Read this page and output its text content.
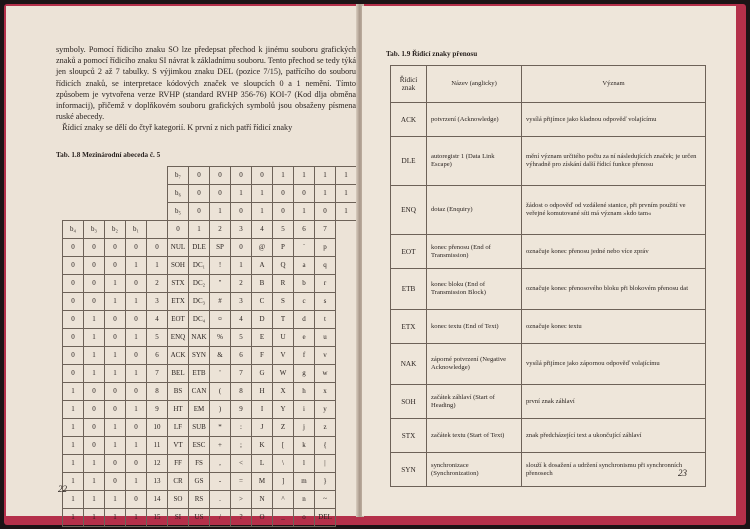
symboly. Pomocí řídicího znaku SO lze předepsat přechod k jinému souboru grafických znaků a pomocí řídicího znaku SI návrat k základnímu souboru. Tento přechod se tedy týká jen sloupců 2 až 7 tabulky. S výjimkou znaku DEL (pozice 7/15), patřícího do souboru řídicích znaků, se interpretace kódových značek ve sloupcích 0 a 1 nemění. Tímto způsobem je vytvořena verze RVHP (standard RVHP 356-76) KOI-7 (Kod dlja obměna informacij), přičemž v doplňkovém souboru grafických symbolů jsou obsaženy písmena ruské abecedy.
Řídicí znaky se dělí do čtyř kategorií. K první z nich patří řídicí znaky
Tab. 1.8 Mezinárodní abeceda č. 5
					b₇	0	0	0	0	1	1	1	1
					b₆	0	0	1	1	0	0	1	1
					b₅	0	1	0	1	0	1	0	1
b₄	b₃	b₂	b₁		0	1	2	3	4	5	6	7	
0	0	0	0	0	NUL	DLE	SP	0	@	P	`	p	
0	0	0	1	1	SOH	DC₁	!	1	A	Q	a	q	
0	0	1	0	2	STX	DC₂	"	2	B	R	b	r	
0	0	1	1	3	ETX	DC₃	#	3	C	S	c	s	
0	1	0	0	4	EOT	DC₄	¤	4	D	T	d	t	
0	1	0	1	5	ENQ	NAK	%	5	E	U	e	u	
0	1	1	0	6	ACK	SYN	&	6	F	V	f	v	
0	1	1	1	7	BEL	ETB	'	7	G	W	g	w	
1	0	0	0	8	BS	CAN	(	8	H	X	h	x	
1	0	0	1	9	HT	EM	)	9	I	Y	i	y	
1	0	1	0	10	LF	SUB	*	:	J	Z	j	z	
1	0	1	1	11	VT	ESC	+	;	K	[	k	{	
1	1	0	0	12	FF	FS	,	<	L	\	l	|	
1	1	0	1	13	CR	GS	-	=	M	]	m	}	
1	1	1	0	14	SO	RS	.	>	N	^	n	~	
1	1	1	1	15	SI	US	/	?	O	_	o	DEL	
22
Tab. 1.9 Řídicí znaky přenosu
Řídicí znak	Název (anglicky)	Význam
ACK	potvrzení (Acknowledge)	vysílá přijímce jako kladnou odpověď volajícímu
DLE	autoregistr 1 (Data Link Escape)	mění význam určitého počtu za ní následujících značek; je určen výhradně pro získání další řídicí funkce přenosu
ENQ	dotaz (Enquiry)	žádost o odpověď od vzdálené stanice, při prvním použití ve veřejné komutované síti má význam »kdo tam«
EOT	konec přenosu (End of Transmission)	označuje konec přenosu jedné nebo více zpráv
ETB	konec bloku (End of Transmission Block)	označuje konec přenosového bloku při blokovém přenosu dat
ETX	konec textu (End of Text)	označuje konec textu
NAK	záporné potvrzení (Negative Acknowledge)	vysílá přijímce jako zápornou odpověď volajícímu
SOH	začátek záhlaví (Start of Heading)	první znak záhlaví
STX	začátek textu (Start of Text)	znak předcházející text a ukončující záhlaví
SYN	synchronizace (Synchronization)	slouží k dosažení a udržení synchronismu při synchronních přenosech	23
